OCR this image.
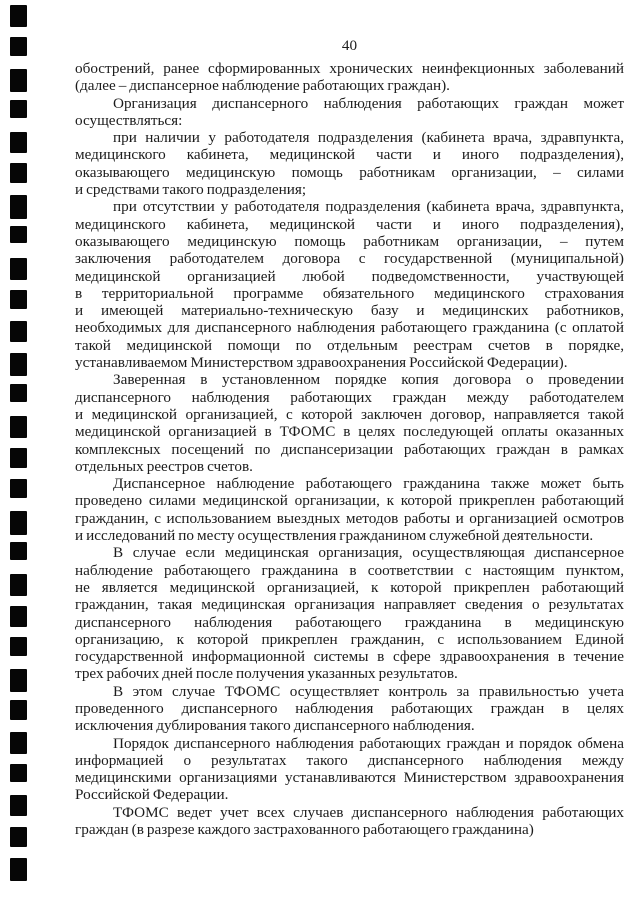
40
обострений, ранее сформированных хронических неинфекционных заболеваний
(далее – диспансерное наблюдение работающих граждан).
Организация диспансерного наблюдения работающих граждан может
осуществляться:
при наличии у работодателя подразделения (кабинета врача, здравпункта,
медицинского кабинета, медицинской части и иного подразделения),
оказывающего медицинскую помощь работникам организации, – силами
и средствами такого подразделения;
при отсутствии у работодателя подразделения (кабинета врача, здравпункта,
медицинского кабинета, медицинской части и иного подразделения),
оказывающего медицинскую помощь работникам организации, – путем
заключения работодателем договора с государственной (муниципальной)
медицинской организацией любой подведомственности, участвующей
в территориальной программе обязательного медицинского страхования
и имеющей материально-техническую базу и медицинских работников,
необходимых для диспансерного наблюдения работающего гражданина (с оплатой
такой медицинской помощи по отдельным реестрам счетов в порядке,
устанавливаемом Министерством здравоохранения Российской Федерации).
Заверенная в установленном порядке копия договора о проведении
диспансерного наблюдения работающих граждан между работодателем
и медицинской организацией, с которой заключен договор, направляется такой
медицинской организацией в ТФОМС в целях последующей оплаты оказанных
комплексных посещений по диспансеризации работающих граждан в рамках
отдельных реестров счетов.
Диспансерное наблюдение работающего гражданина также может быть
проведено силами медицинской организации, к которой прикреплен работающий
гражданин, с использованием выездных методов работы и организацией осмотров
и исследований по месту осуществления гражданином служебной деятельности.
В случае если медицинская организация, осуществляющая диспансерное
наблюдение работающего гражданина в соответствии с настоящим пунктом,
не является медицинской организацией, к которой прикреплен работающий
гражданин, такая медицинская организация направляет сведения о результатах
диспансерного наблюдения работающего гражданина в медицинскую
организацию, к которой прикреплен гражданин, с использованием Единой
государственной информационной системы в сфере здравоохранения в течение
трех рабочих дней после получения указанных результатов.
В этом случае ТФОМС осуществляет контроль за правильностью учета
проведенного диспансерного наблюдения работающих граждан в целях
исключения дублирования такого диспансерного наблюдения.
Порядок диспансерного наблюдения работающих граждан и порядок обмена
информацией о результатах такого диспансерного наблюдения между
медицинскими организациями устанавливаются Министерством здравоохранения
Российской Федерации.
ТФОМС ведет учет всех случаев диспансерного наблюдения работающих
граждан (в разрезе каждого застрахованного работающего гражданина)
